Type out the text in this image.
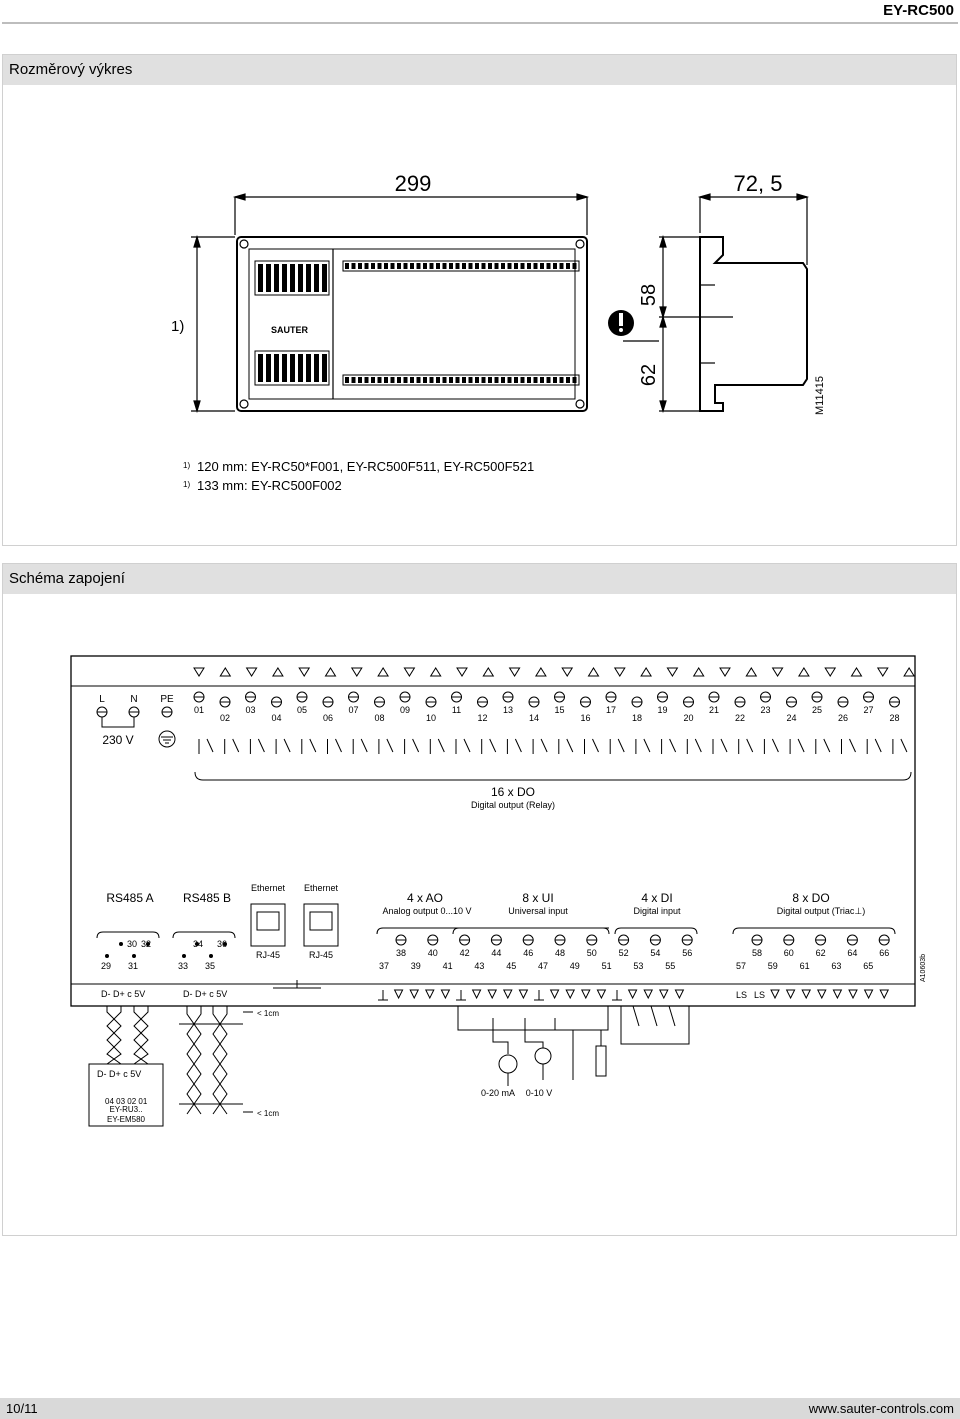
EY-RC500
Rozměrový výkres
299	72, 5
1)
58
62
M11415
SAUTER
1) 120 mm: EY-RC50*F001, EY-RC500F511, EY-RC500F521
1) 133 mm: EY-RC500F002
Schéma zapojení
01	03	05	07	09	11	13	15	17	19	21	23	25	27
02	04	06	08	10	12	14	16	18	20	22	24	26	28
38 40 42 44 46 48 50 52 54 56
37 39 41 43 45 47 49 51 53 55
58 60 62 64 66
57 59 61 63 65
L	N PE
230 V
16 x DO
Digital output (Relay)
RS485 A RS485 B
Ethernet Ethernet
RJ-45	RJ-45
30 32
29 31
34 36
33 35
D- D+ c 5V	D- D+ c 5V
4 x AO
Analog output 0...10 V
8 x UI
Universal input
4 x DI
Digital input
8 x DO
Digital output (Triac⊥)
A10603b
LS LS
D- D+ c 5V
04 03 02 01
EY-RU3..
EY-EM580
< 1cm
< 1cm
0-20 mA 0-10 V
10/11	www.sauter-controls.com
